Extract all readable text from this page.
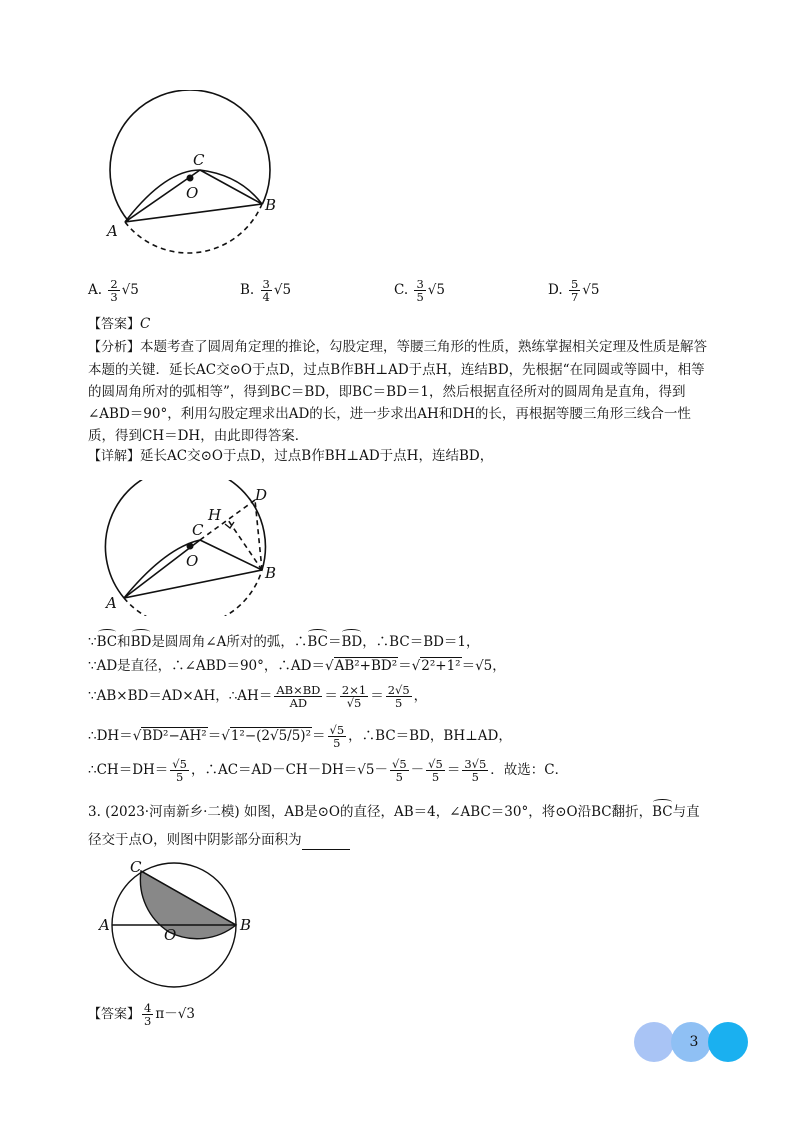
C
O
A
B
A. $\frac{2}{3} √5$	B. $\frac{3}{4} √5$	C. $\frac{3}{5} √5$	D. $\frac{5}{7} √5$
【答案】C
【分析】本题考查了圆周角定理的推论，勾股定理，等腰三角形的性质，熟练掌握相关定理及性质是解答本题的关键．延长AC交⊙O于点D，过点B作BH⊥AD于点H，连结BD，先根据“在同圆或等圆中，相等的圆周角所对的弧相等”，得到BC＝BD，即BC＝BD＝1，然后根据直径所对的圆周角是直角，得到∠ABD＝90°，利用勾股定理求出AD的长，进一步求出AH和DH的长，再根据等腰三角形三线合一性质，得到CH＝DH，由此即得答案．
【详解】延长AC交⊙O于点D，过点B作BH⊥AD于点H，连结BD，
D
H
C
O
A
B
∵BC和BD是圆周角∠A所对的弧，∴BC＝BD，∴BC＝BD＝1，
∵AD是直径，∴∠ABD＝90°，∴AD＝√AB²+BD²＝√2²+1²＝√5，
∵AB×BD＝AD×AH，∴AH＝ $\frac{AB\times BD}{AD} = \frac{2\times 1}{√5} = \frac{2√5}{5}$ ，
∴DH＝√BD²−AH²＝√1²−(2√5/5)²＝ $\frac{√5}{5}$ ，∴BC＝BD，BH⊥AD，
∴CH＝DH＝ $\frac{√5}{5}$ ，∴AC＝AD－CH－DH＝√5－ $\frac{√5}{5} - \frac{√5}{5} = \frac{3√5}{5}$ ．故选：C．
3. (2023·河南新乡·二模) 如图，AB是⊙O的直径，AB＝4，∠ABC＝30°，将⊙O沿BC翻折，BC与直
径交于点O，则图中阴影部分面积为
C
A
O
B
【答案】 $\frac{4}{3} \pi-√3$
3
